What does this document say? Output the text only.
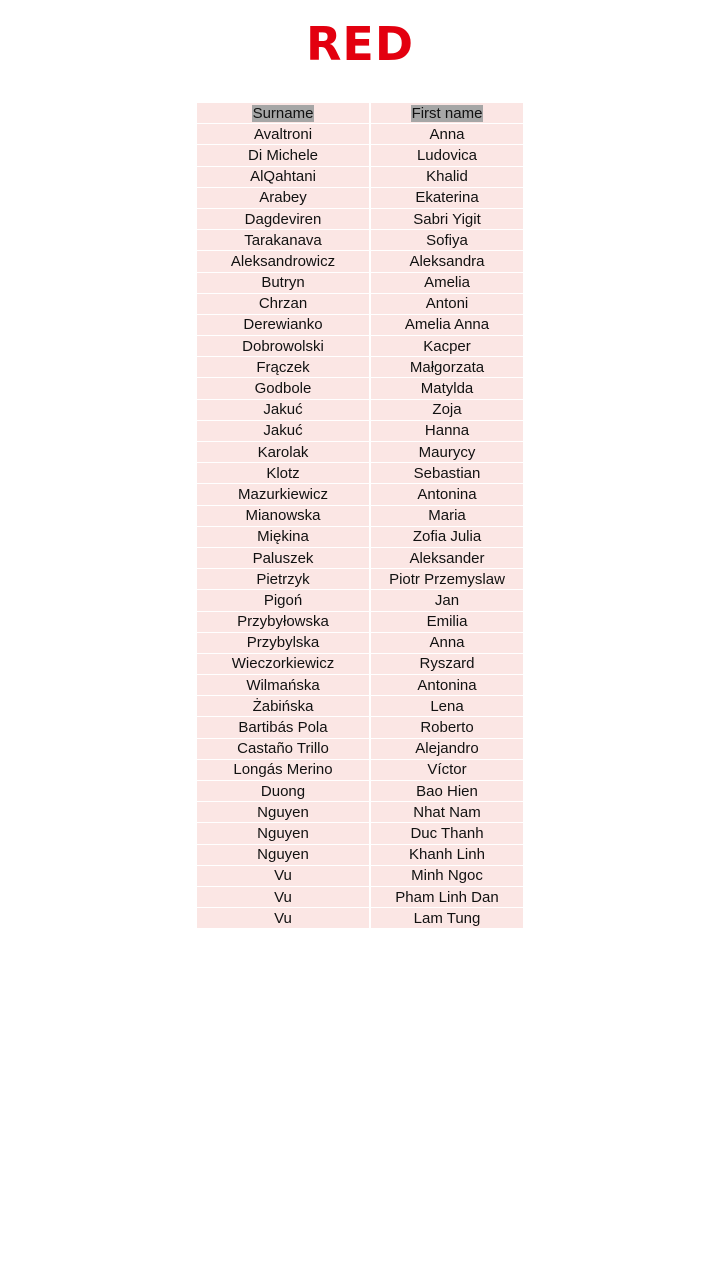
RED
Surname	First name
Avaltroni	Anna
Di Michele	Ludovica
AlQahtani	Khalid
Arabey	Ekaterina
Dagdeviren	Sabri Yigit
Tarakanava	Sofiya
Aleksandrowicz	Aleksandra
Butryn	Amelia
Chrzan	Antoni
Derewianko	Amelia Anna
Dobrowolski	Kacper
Frączek	Małgorzata
Godbole	Matylda
Jakuć	Zoja
Jakuć	Hanna
Karolak	Maurycy
Klotz	Sebastian
Mazurkiewicz	Antonina
Mianowska	Maria
Miękina	Zofia Julia
Paluszek	Aleksander
Pietrzyk	Piotr Przemyslaw
Pigoń	Jan
Przybyłowska	Emilia
Przybylska	Anna
Wieczorkiewicz	Ryszard
Wilmańska	Antonina
Żabińska	Lena
Bartibás Pola	Roberto
Castaño Trillo	Alejandro
Longás Merino	Víctor
Duong	Bao Hien
Nguyen	Nhat Nam
Nguyen	Duc Thanh
Nguyen	Khanh Linh
Vu	Minh Ngoc
Vu	Pham Linh Dan
Vu	Lam Tung
